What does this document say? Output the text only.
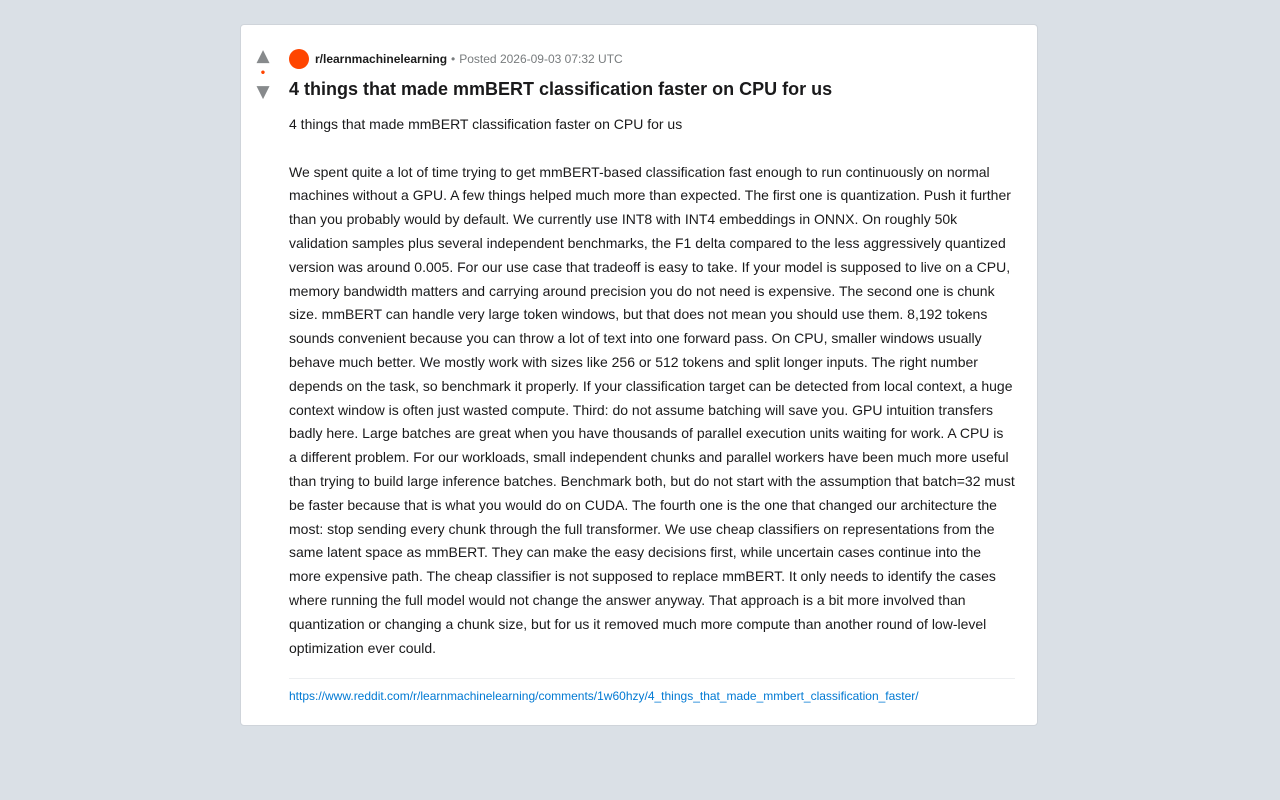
▲
•
▼
r/learnmachinelearning • Posted 2026-09-03 07:32 UTC
4 things that made mmBERT classification faster on CPU for us

4 things that made mmBERT classification faster on CPU for us

We spent quite a lot of time trying to get mmBERT-based classification fast enough to run continuously on normal machines without a GPU. A few things helped much more than expected. The first one is quantization. Push it further than you probably would by default. We currently use INT8 with INT4 embeddings in ONNX. On roughly 50k validation samples plus several independent benchmarks, the F1 delta compared to the less aggressively quantized version was around 0.005. For our use case that tradeoff is easy to take. If your model is supposed to live on a CPU, memory bandwidth matters and carrying around precision you do not need is expensive. The second one is chunk size. mmBERT can handle very large token windows, but that does not mean you should use them. 8,192 tokens sounds convenient because you can throw a lot of text into one forward pass. On CPU, smaller windows usually behave much better. We mostly work with sizes like 256 or 512 tokens and split longer inputs. The right number depends on the task, so benchmark it properly. If your classification target can be detected from local context, a huge context window is often just wasted compute. Third: do not assume batching will save you. GPU intuition transfers badly here. Large batches are great when you have thousands of parallel execution units waiting for work. A CPU is a different problem. For our workloads, small independent chunks and parallel workers have been much more useful than trying to build large inference batches. Benchmark both, but do not start with the assumption that batch=32 must be faster because that is what you would do on CUDA. The fourth one is the one that changed our architecture the most: stop sending every chunk through the full transformer. We use cheap classifiers on representations from the same latent space as mmBERT. They can make the easy decisions first, while uncertain cases continue into the more expensive path. The cheap classifier is not supposed to replace mmBERT. It only needs to identify the cases where running the full model would not change the answer anyway. That approach is a bit more involved than quantization or changing a chunk size, but for us it removed much more compute than another round of low-level optimization ever could.

https://www.reddit.com/r/learnmachinelearning/comments/1w60hzy/4_things_that_made_mmbert_classification_faster/
